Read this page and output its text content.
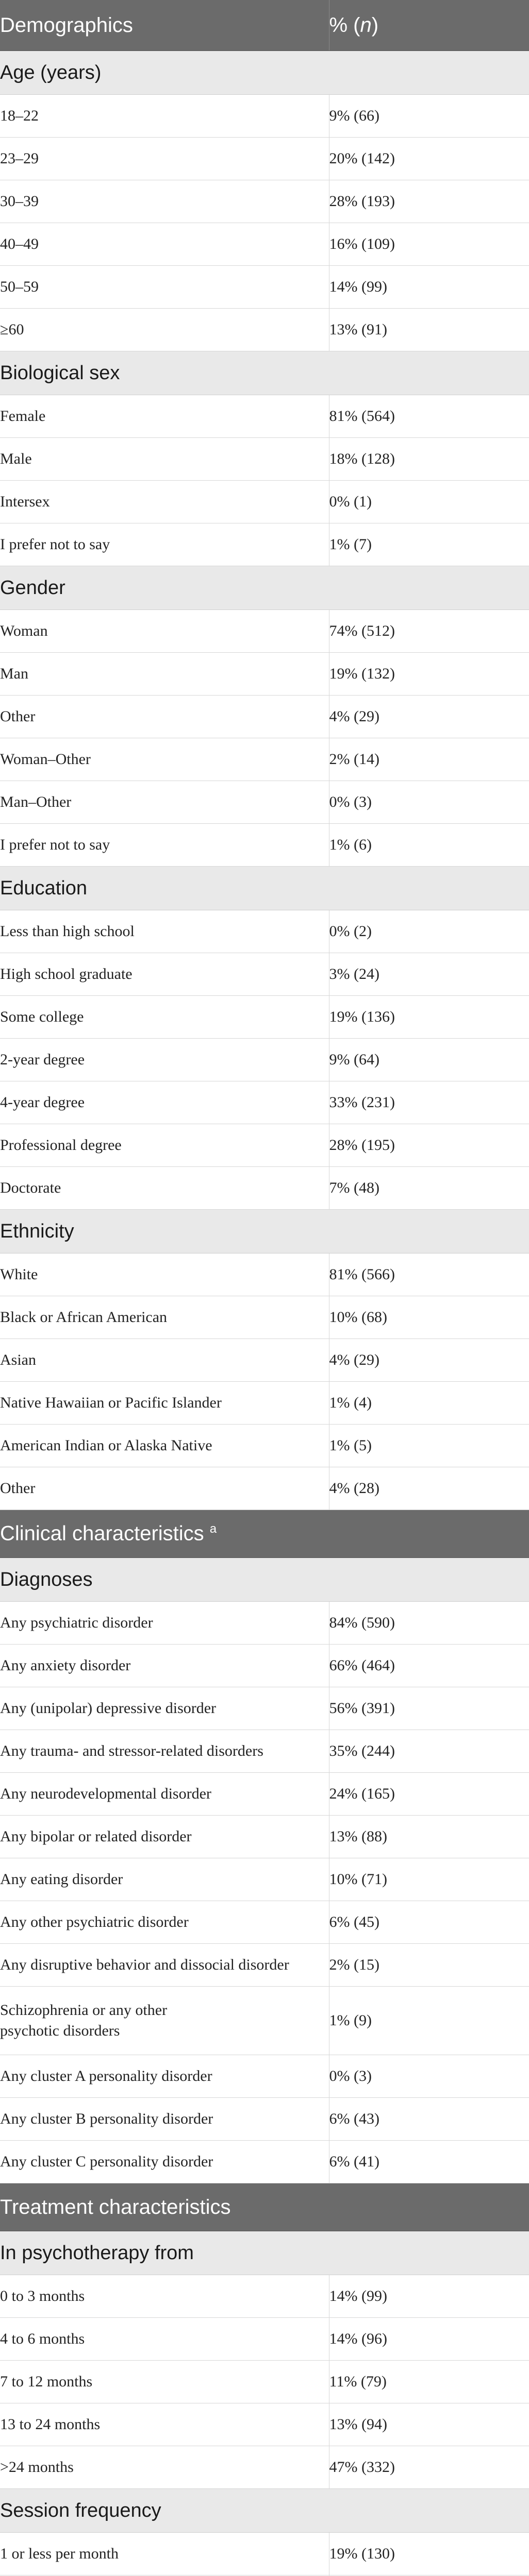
Demographics	% (n)
Age (years)	
18–22	9% (66)
23–29	20% (142)
30–39	28% (193)
40–49	16% (109)
50–59	14% (99)
≥60	13% (91)
Biological sex	
Female	81% (564)
Male	18% (128)
Intersex	0% (1)
I prefer not to say	1% (7)
Gender	
Woman	74% (512)
Man	19% (132)
Other	4% (29)
Woman–Other	2% (14)
Man–Other	0% (3)
I prefer not to say	1% (6)
Education	
Less than high school	0% (2)
High school graduate	3% (24)
Some college	19% (136)
2-year degree	9% (64)
4-year degree	33% (231)
Professional degree	28% (195)
Doctorate	7% (48)
Ethnicity	
White	81% (566)
Black or African American	10% (68)
Asian	4% (29)
Native Hawaiian or Pacific Islander	1% (4)
American Indian or Alaska Native	1% (5)
Other	4% (28)
Clinical characteristics $^a$
Diagnoses	
Any psychiatric disorder	84% (590)
Any anxiety disorder	66% (464)
Any (unipolar) depressive disorder	56% (391)
Any trauma- and stressor-related disorders	35% (244)
Any neurodevelopmental disorder	24% (165)
Any bipolar or related disorder	13% (88)
Any eating disorder	10% (71)
Any other psychiatric disorder	6% (45)
Any disruptive behavior and dissocial disorder	2% (15)
Schizophrenia or any other
psychotic disorders	1% (9)
Any cluster A personality disorder	0% (3)
Any cluster B personality disorder	6% (43)
Any cluster C personality disorder	6% (41)
Treatment characteristics	
In psychotherapy from	
0 to 3 months	14% (99)
4 to 6 months	14% (96)
7 to 12 months	11% (79)
13 to 24 months	13% (94)
>24 months	47% (332)
Session frequency	
1 or less per month	19% (130)
